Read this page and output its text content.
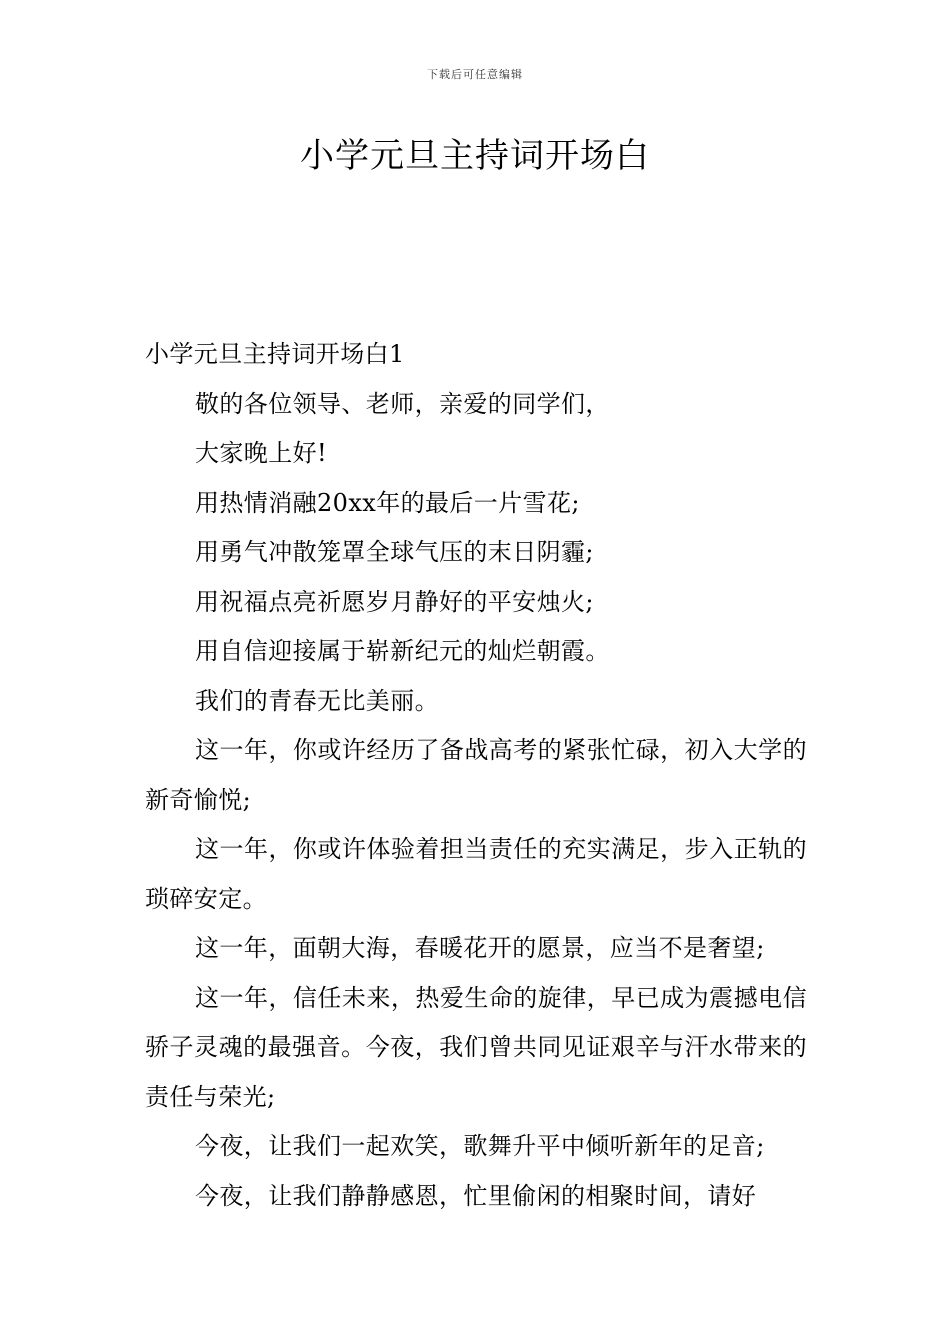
下载后可任意编辑
小学元旦主持词开场白

小学元旦主持词开场白1

敬的各位领导、老师，亲爱的同学们，

大家晚上好!

用热情消融20xx年的最后一片雪花;

用勇气冲散笼罩全球气压的末日阴霾;

用祝福点亮祈愿岁月静好的平安烛火;

用自信迎接属于崭新纪元的灿烂朝霞。

我们的青春无比美丽。

这一年，你或许经历了备战高考的紧张忙碌，初入大学的新奇愉悦;

这一年，你或许体验着担当责任的充实满足，步入正轨的琐碎安定。

这一年，面朝大海，春暖花开的愿景，应当不是奢望;

这一年，信任未来，热爱生命的旋律，早已成为震撼电信骄子灵魂的最强音。今夜，我们曾共同见证艰辛与汗水带来的责任与荣光;

今夜，让我们一起欢笑，歌舞升平中倾听新年的足音;

今夜，让我们静静感恩，忙里偷闲的相聚时间，请好
